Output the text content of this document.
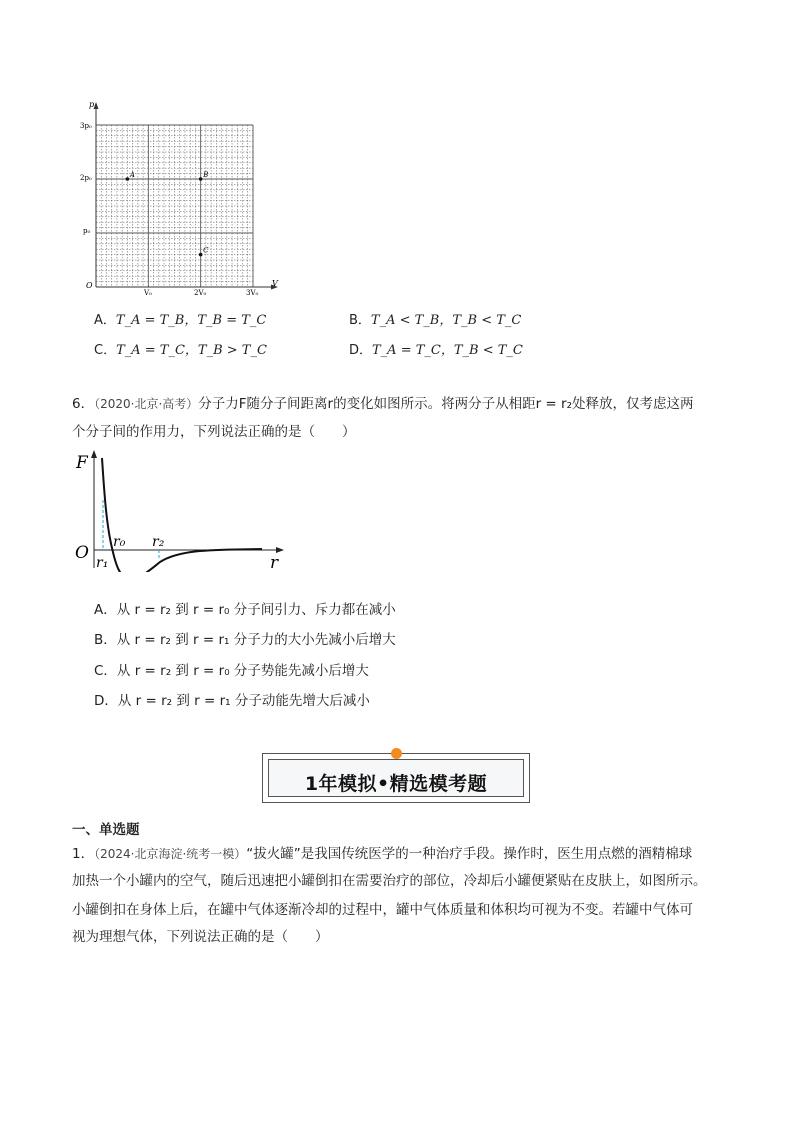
p
V
O
3p₀
2p₀
p₀
V₀	2V₀	3V₀
A	B
C
A．T_A = T_B，T_B = T_C	B．T_A < T_B，T_B < T_C
C．T_A = T_C，T_B > T_C	D．T_A = T_C，T_B < T_C
6．（2020·北京·高考）分子力F随分子间距离r的变化如图所示。将两分子从相距r = r₂处释放，仅考虑这两
个分子间的作用力，下列说法正确的是（　　）
F
O	r
r₀
r₁
r₂
A．从 r = r₂ 到 r = r₀ 分子间引力、斥力都在减小
B．从 r = r₂ 到 r = r₁ 分子力的大小先减小后增大
C．从 r = r₂ 到 r = r₀ 分子势能先减小后增大
D．从 r = r₂ 到 r = r₁ 分子动能先增大后减小
1年模拟•精选模考题
一、单选题
1．（2024·北京海淀·统考一模）“拔火罐”是我国传统医学的一种治疗手段。操作时，医生用点燃的酒精棉球
加热一个小罐内的空气，随后迅速把小罐倒扣在需要治疗的部位，冷却后小罐便紧贴在皮肤上，如图所示。
小罐倒扣在身体上后，在罐中气体逐渐冷却的过程中，罐中气体质量和体积均可视为不变。若罐中气体可
视为理想气体，下列说法正确的是（　　）
